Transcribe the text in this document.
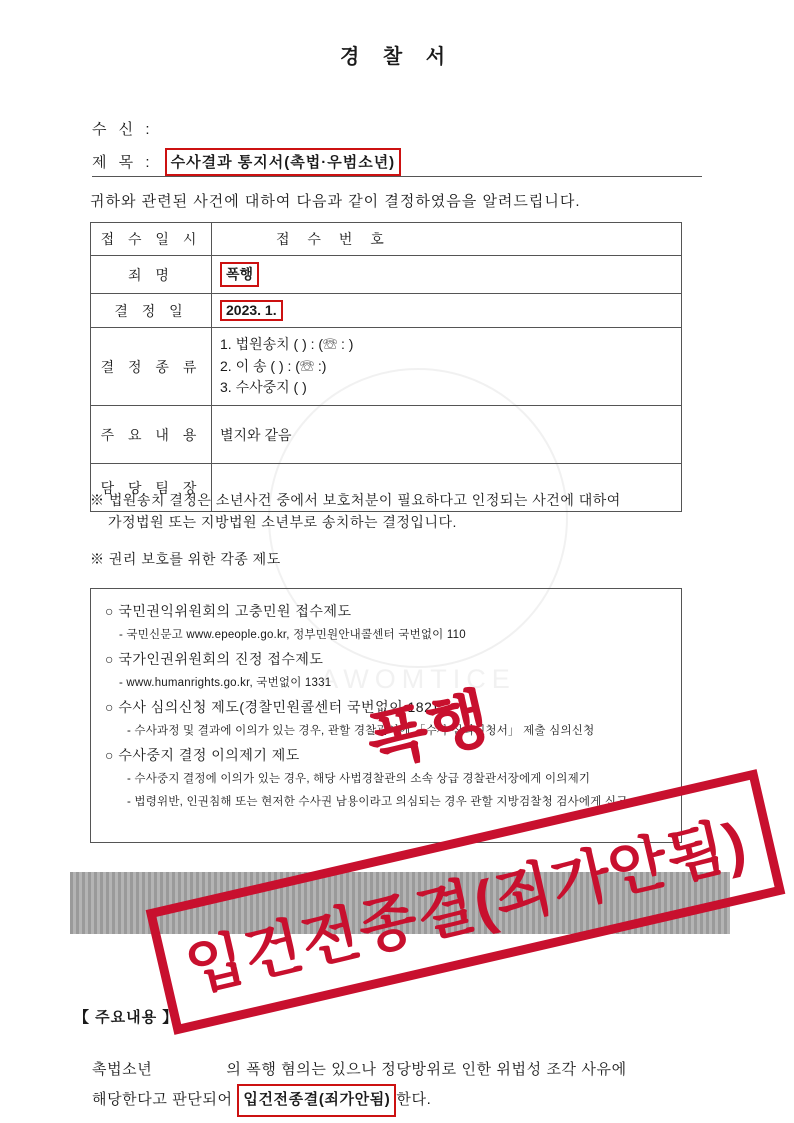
AWOMTICE
경 찰 서
수 신 :
제 목 : 수사결과 통지서(촉법·우범소년)
귀하와 관련된 사건에 대하여 다음과 같이 결정하였음을 알려드립니다.
접 수 일 시	접 수 번 호
죄 명	폭행
결 정 일	2023. 1.
결 정 종 류	1. 법원송치 ( ) : (☏ : )
2. 이 송 ( ) : (☏ :)
3. 수사중지 ( )

주 요 내 용	별지와 같음
담 당 팀 장	
※ 법원송치 결정은 소년사건 중에서 보호처분이 필요하다고 인정되는 사건에 대하여
가정법원 또는 지방법원 소년부로 송치하는 결정입니다.
※ 권리 보호를 위한 각종 제도

○ 국민권익위원회의 고충민원 접수제도

- 국민신문고 www.epeople.go.kr, 정부민원안내콜센터 국번없이 110

○ 국가인권위원회의 진정 접수제도

- www.humanrights.go.kr, 국번없이 1331

○ 수사 심의신청 제도(경찰민원콜센터 국번없이 182)

- 수사과정 및 결과에 이의가 있는 경우, 관할 경찰관서에 「수사 심의신청서」 제출 심의신청

○ 수사중지 결정 이의제기 제도

- 수사중지 결정에 이의가 있는 경우, 해당 사법경찰관의 소속 상급 경찰관서장에게 이의제기

- 법령위반, 인권침해 또는 현저한 수사권 남용이라고 의심되는 경우 관할 지방검찰청 검사에게 신고

【 주요내용 】
촉법소년	의 폭행 혐의는 있으나 정당방위로 인한 위법성 조각 사유에
해당한다고 판단되어 입건전종결(죄가안됨) 한다.
폭행
입건전종결(죄가안됨)
